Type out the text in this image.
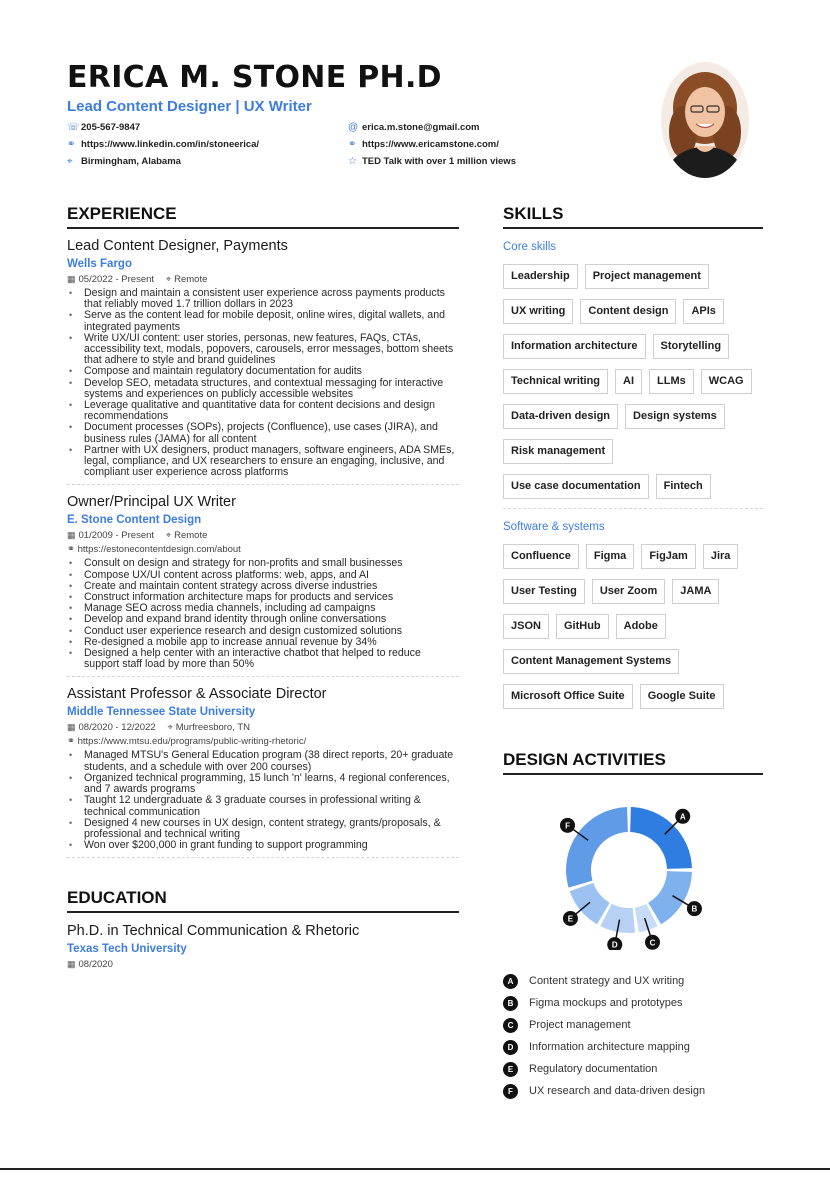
ERICA M. STONE PH.D
Lead Content Designer | UX Writer
☏ 205-567-9847	@ erica.m.stone@gmail.com
⚭ https://www.linkedin.com/in/stoneerica/	⚭ https://www.ericamstone.com/
⌖ Birmingham, Alabama	☆ TED Talk with over 1 million views
EXPERIENCE
Lead Content Designer, Payments
Wells Fargo
▦ 05/2022 - Present ⌖ Remote
• Design and maintain a consistent user experience across payments products that reliably moved 1.7 trillion dollars in 2023
• Serve as the content lead for mobile deposit, online wires, digital wallets, and integrated payments
• Write UX/UI content: user stories, personas, new features, FAQs, CTAs, accessibility text, modals, popovers, carousels, error messages, bottom sheets that adhere to style and brand guidelines
• Compose and maintain regulatory documentation for audits
• Develop SEO, metadata structures, and contextual messaging for interactive systems and experiences on publicly accessible websites
• Leverage qualitative and quantitative data for content decisions and design recommendations
• Document processes (SOPs), projects (Confluence), use cases (JIRA), and business rules (JAMA) for all content
• Partner with UX designers, product managers, software engineers, ADA SMEs, legal, compliance, and UX researchers to ensure an engaging, inclusive, and compliant user experience across platforms
Owner/Principal UX Writer
E. Stone Content Design
▦ 01/2009 - Present ⌖ Remote
⚭ https://estonecontentdesign.com/about
• Consult on design and strategy for non-profits and small businesses
• Compose UX/UI content across platforms: web, apps, and AI
• Create and maintain content strategy across diverse industries
• Construct information architecture maps for products and services
• Manage SEO across media channels, including ad campaigns
• Develop and expand brand identity through online conversations
• Conduct user experience research and design customized solutions
• Re-designed a mobile app to increase annual revenue by 34%
• Designed a help center with an interactive chatbot that helped to reduce support staff load by more than 50%
Assistant Professor & Associate Director
Middle Tennessee State University
▦ 08/2020 - 12/2022 ⌖ Murfreesboro, TN
⚭ https://www.mtsu.edu/programs/public-writing-rhetoric/
• Managed MTSU's General Education program (38 direct reports, 20+ graduate students, and a schedule with over 200 courses)
• Organized technical programming, 15 lunch 'n' learns, 4 regional conferences, and 7 awards programs
• Taught 12 undergraduate & 3 graduate courses in professional writing & technical communication
• Designed 4 new courses in UX design, content strategy, grants/proposals, & professional and technical writing
• Won over $200,000 in grant funding to support programming
EDUCATION
Ph.D. in Technical Communication & Rhetoric
Texas Tech University
▦ 08/2020
SKILLS
Core skills
Leadership	Project management
UX writing	Content design	APIs
Information architecture	Storytelling
Technical writing	AI	LLMs	WCAG
Data-driven design	Design systems
Risk management
Use case documentation	Fintech
Software & systems
Confluence	Figma	FigJam	Jira
User Testing	User Zoom	JAMA
JSON	GitHub	Adobe
Content Management Systems
Microsoft Office Suite	Google Suite
DESIGN ACTIVITIES
A
B
C
D
E
F
A	Content strategy and UX writing
B	Figma mockups and prototypes
C	Project management
D	Information architecture mapping
E	Regulatory documentation
F	UX research and data-driven design
